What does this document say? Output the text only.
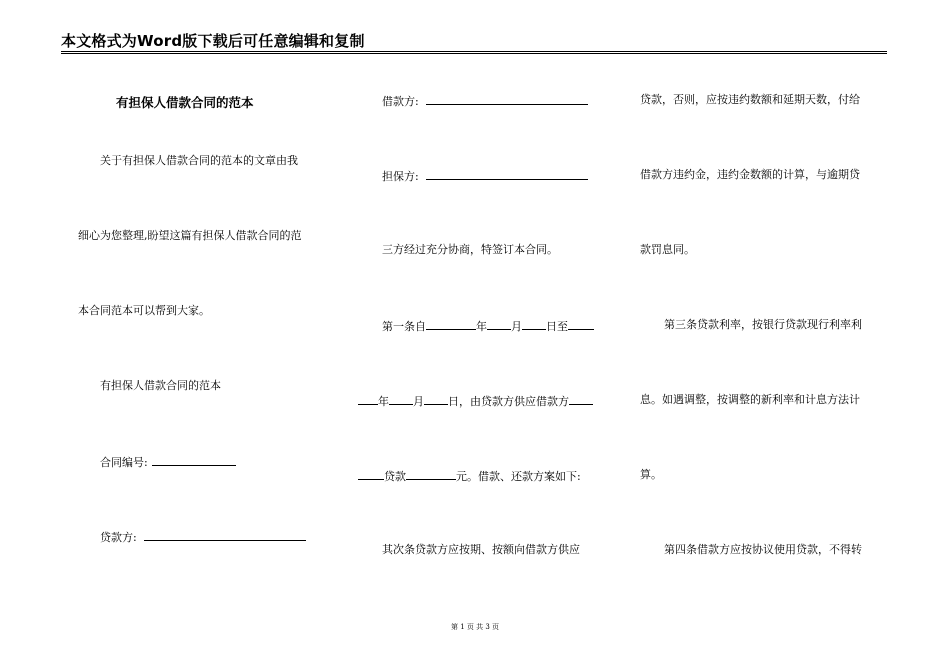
本文格式为Word版下载后可任意编辑和复制
有担保人借款合同的范本
关于有担保人借款合同的范本的文章由我
细心为您整理,盼望这篇有担保人借款合同的范
本合同范本可以帮到大家。
有担保人借款合同的范本
合同编号:
贷款方:
借款方:
担保方:
三方经过充分协商，特签订本合同。
第一条自	年 月 日至
年 月 日，由贷款方供应借款方
贷款	元。借款、还款方案如下:
其次条贷款方应按期、按额向借款方供应
贷款，否则，应按违约数额和延期天数，付给
借款方违约金，违约金数额的计算，与逾期贷
款罚息同。
第三条贷款利率，按银行贷款现行利率利
息。如遇调整，按调整的新利率和计息方法计
算。
第四条借款方应按协议使用贷款，不得转
第 1 页 共 3 页
